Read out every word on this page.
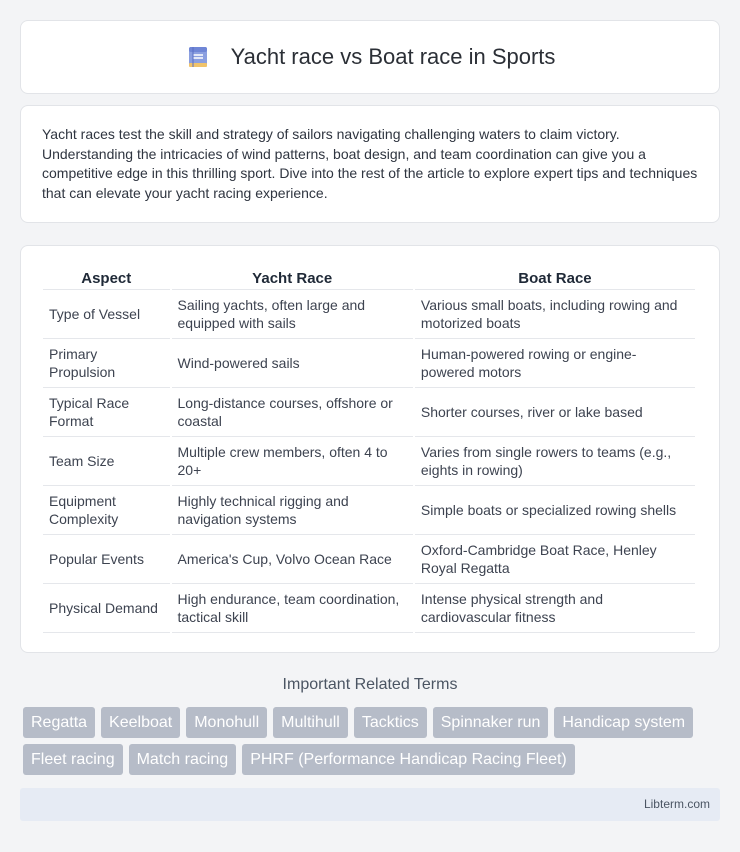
Yacht race vs Boat race in Sports

Yacht races test the skill and strategy of sailors navigating challenging waters to claim victory. Understanding the intricacies of wind patterns, boat design, and team coordination can give you a competitive edge in this thrilling sport. Dive into the rest of the article to explore expert tips and techniques that can elevate your yacht racing experience.

Aspect	Yacht Race	Boat Race
Type of Vessel	Sailing yachts, often large and equipped with sails	Various small boats, including rowing and motorized boats
Primary Propulsion	Wind-powered sails	Human-powered rowing or engine-powered motors
Typical Race Format	Long-distance courses, offshore or coastal	Shorter courses, river or lake based
Team Size	Multiple crew members, often 4 to 20+	Varies from single rowers to teams (e.g., eights in rowing)
Equipment Complexity	Highly technical rigging and navigation systems	Simple boats or specialized rowing shells
Popular Events	America's Cup, Volvo Ocean Race	Oxford-Cambridge Boat Race, Henley Royal Regatta
Physical Demand	High endurance, team coordination, tactical skill	Intense physical strength and cardiovascular fitness
Important Related Terms
Regatta	Keelboat	Monohull	Multihull	Tacktics	Spinnaker run	Handicap system
Fleet racing	Match racing	PHRF (Performance Handicap Racing Fleet)
Libterm.com
